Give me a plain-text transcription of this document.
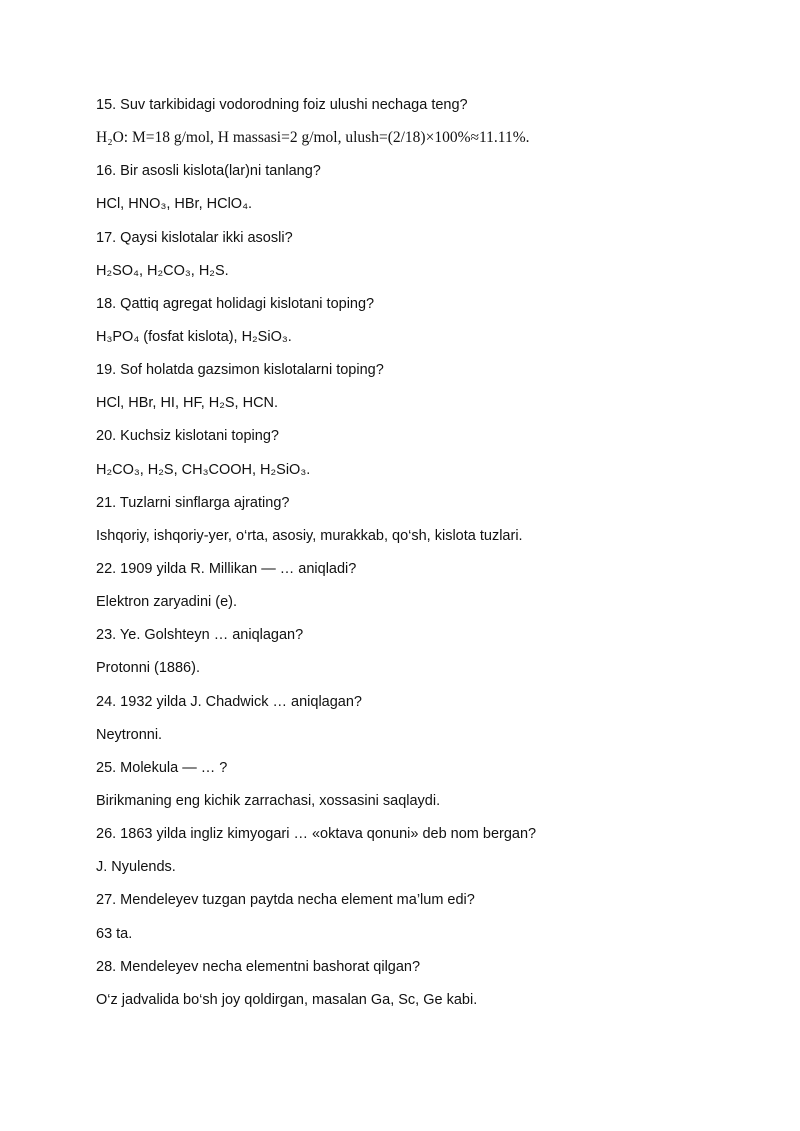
15. Suv tarkibidagi vodorodning foiz ulushi nechaga teng?
H₂O: M=18 g/mol, H massasi=2 g/mol, ulush=(2/18)×100%≈11.11%.
16. Bir asosli kislota(lar)ni tanlang?
HCl, HNO₃, HBr, HClO₄.
17. Qaysi kislotalar ikki asosli?
H₂SO₄, H₂CO₃, H₂S.
18. Qattiq agregat holidagi kislotani toping?
H₃PO₄ (fosfat kislota), H₂SiO₃.
19. Sof holatda gazsimon kislotalarni toping?
HCl, HBr, HI, HF, H₂S, HCN.
20. Kuchsiz kislotani toping?
H₂CO₃, H₂S, CH₃COOH, H₂SiO₃.
21. Tuzlarni sinflarga ajrating?
Ishqoriy, ishqoriy-yer, o‘rta, asosiy, murakkab, qo‘sh, kislota tuzlari.
22. 1909 yilda R. Millikan — … aniqladi?
Elektron zaryadini (e).
23. Ye. Golshteyn … aniqlagan?
Protonni (1886).
24. 1932 yilda J. Chadwick … aniqlagan?
Neytronni.
25. Molekula — … ?
Birikmaning eng kichik zarrachasi, xossasini saqlaydi.
26. 1863 yilda ingliz kimyogari … «oktava qonuni» deb nom bergan?
J. Nyulends.
27. Mendeleyev tuzgan paytda necha element ma’lum edi?
63 ta.
28. Mendeleyev necha elementni bashorat qilgan?
O‘z jadvalida bo‘sh joy qoldirgan, masalan Ga, Sc, Ge kabi.
